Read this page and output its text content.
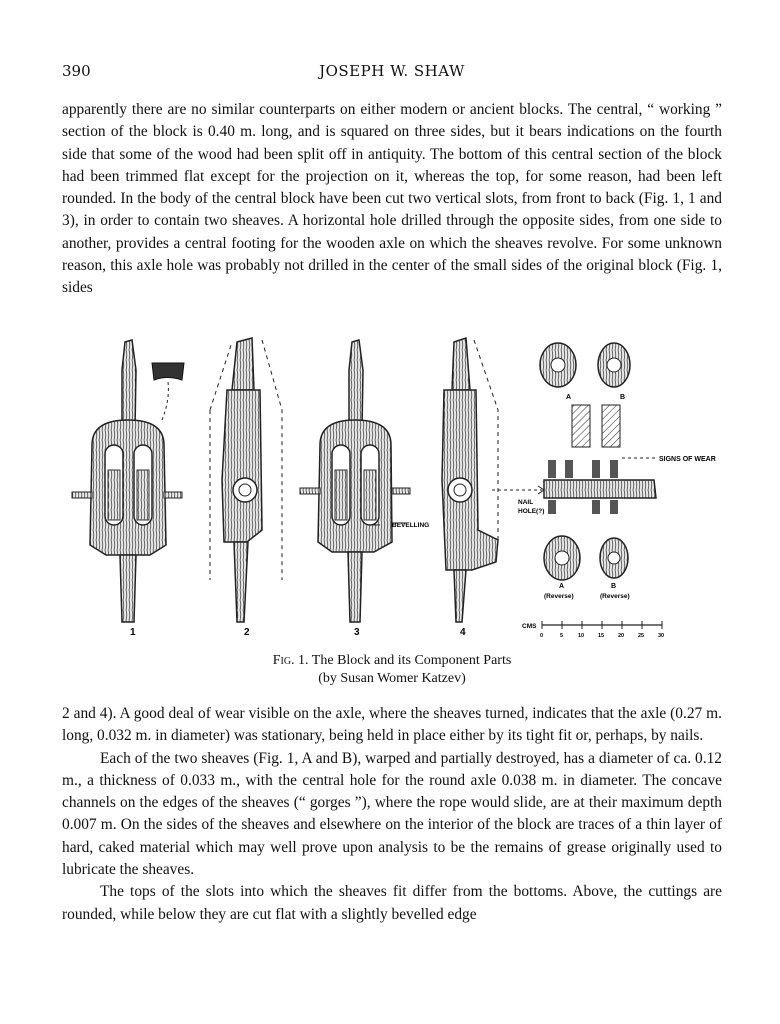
390	JOSEPH W. SHAW

apparently there are no similar counterparts on either modern or ancient blocks. The central, “ working ” section of the block is 0.40 m. long, and is squared on three sides, but it bears indications on the fourth side that some of the wood had been split off in antiquity. The bottom of this central section of the block had been trimmed flat except for the projection on it, whereas the top, for some reason, had been left rounded. In the body of the central block have been cut two vertical slots, from front to back (Fig. 1, 1 and 3), in order to contain two sheaves. A horizontal hole drilled through the opposite sides, from one side to another, provides a central footing for the wooden axle on which the sheaves revolve. For some unknown reason, this axle hole was probably not drilled in the center of the small sides of the original block (Fig. 1, sides

1	2	3	4
A	B
SIGNS OF WEAR
NAIL
HOLE(?)
BEVELLING
A	B
(Reverse)	(Reverse)
CMS
0	5	10	15	20	25	30
Fig. 1. The Block and its Component Parts
(by Susan Womer Katzev)

2 and 4). A good deal of wear visible on the axle, where the sheaves turned, indicates that the axle (0.27 m. long, 0.032 m. in diameter) was stationary, being held in place either by its tight fit or, perhaps, by nails.

Each of the two sheaves (Fig. 1, A and B), warped and partially destroyed, has a diameter of ca. 0.12 m., a thickness of 0.033 m., with the central hole for the round axle 0.038 m. in diameter. The concave channels on the edges of the sheaves (“ gorges ”), where the rope would slide, are at their maximum depth 0.007 m. On the sides of the sheaves and elsewhere on the interior of the block are traces of a thin layer of hard, caked material which may well prove upon analysis to be the remains of grease originally used to lubricate the sheaves.

The tops of the slots into which the sheaves fit differ from the bottoms. Above, the cuttings are rounded, while below they are cut flat with a slightly bevelled edge
